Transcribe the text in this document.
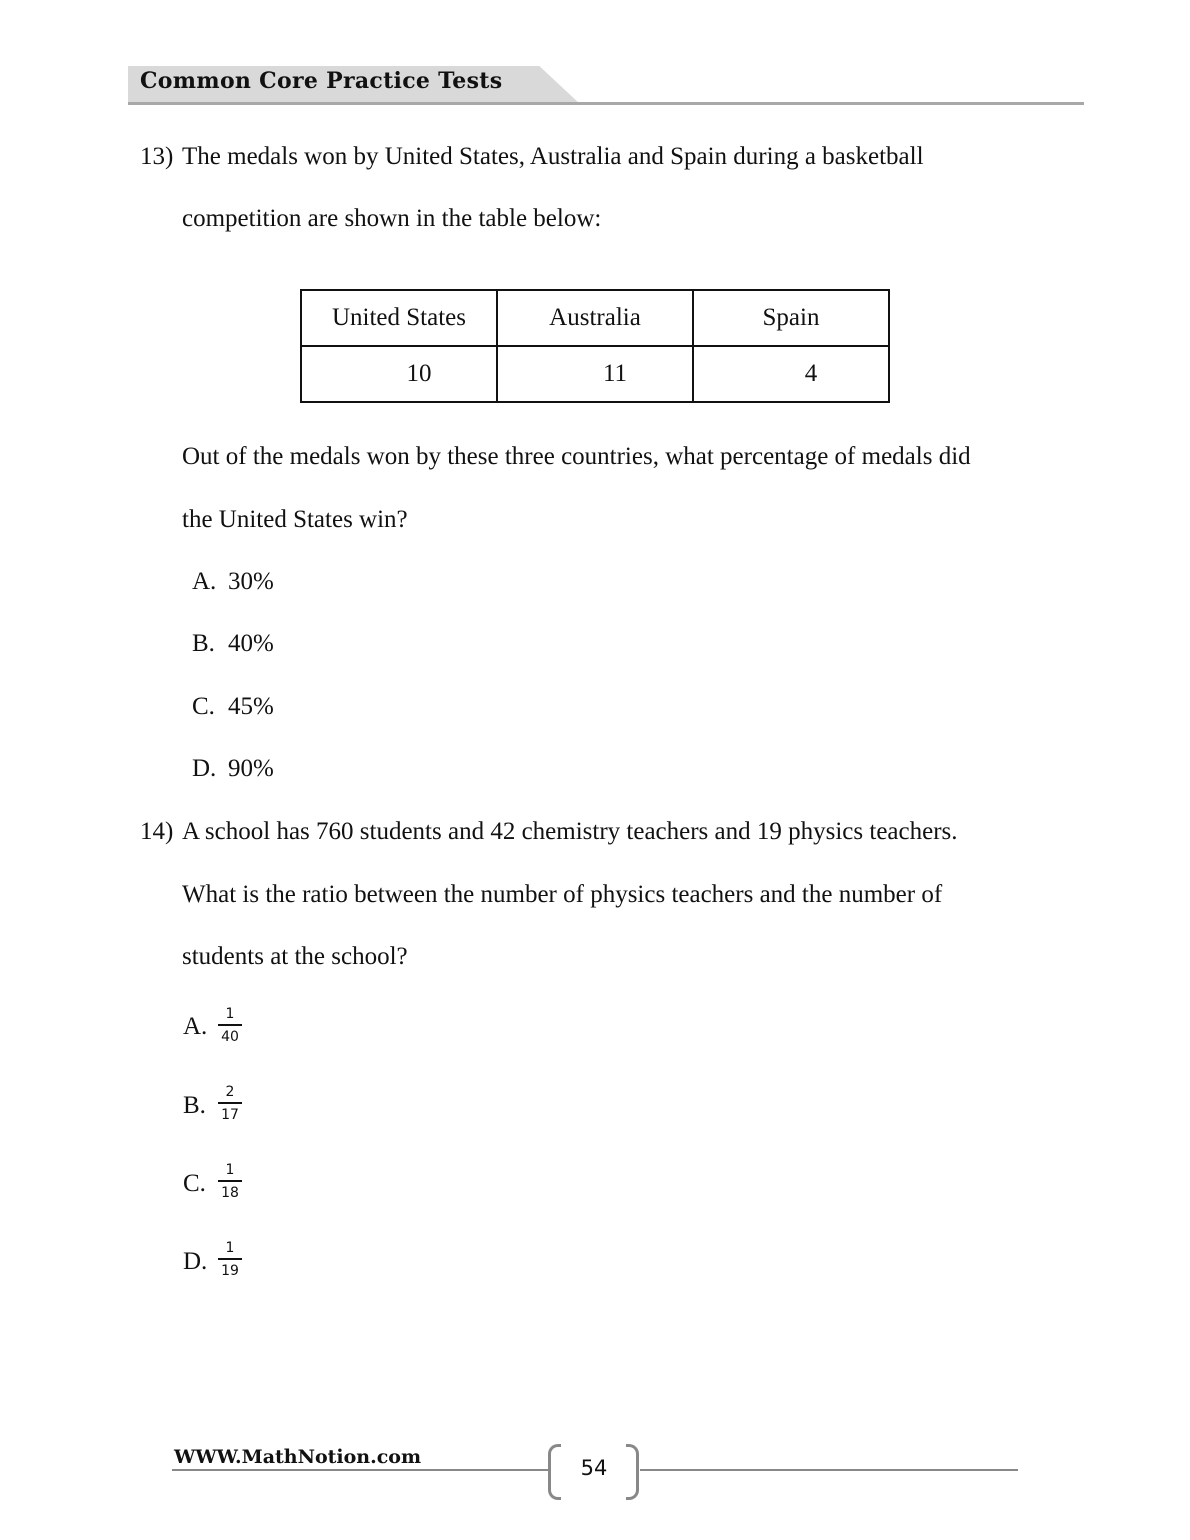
Common Core Practice Tests
13) The medals won by United States, Australia and Spain during a basketball
competition are shown in the table below:
United States	Australia	Spain
10	11	4
Out of the medals won by these three countries, what percentage of medals did
the United States win?
A. 30%
B. 40%
C. 45%
D. 90%
14) A school has 760 students and 42 chemistry teachers and 19 physics teachers.
What is the ratio between the number of physics teachers and the number of
students at the school?
A.	1
40
B.	2
17
C.	1
18
D.	1
19
WWW.MathNotion.com	54
